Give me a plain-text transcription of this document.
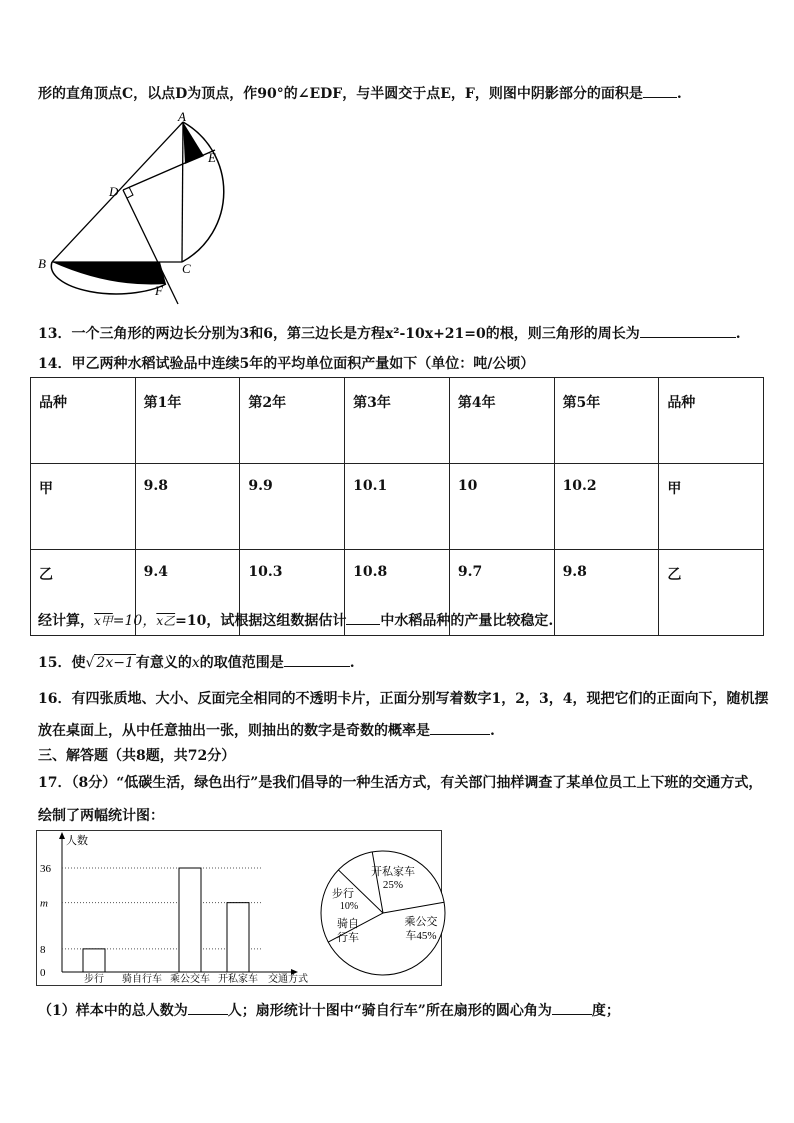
形的直角顶点C，以点D为顶点，作90°的∠EDF，与半圆交于点E，F，则图中阴影部分的面积是 .
A
E
D
B	C
F
13．一个三角形的两边长分别为3和6，第三边长是方程x²-10x+21=0的根，则三角形的周长为	.
14．甲乙两种水稻试验品中连续5年的平均单位面积产量如下（单位：吨/公顷）
品种	第1年	第2年	第3年	第4年	第5年	品种
甲	9.8	9.9	10.1	10	10.2	甲
乙	9.4	10.3	10.8	9.7	9.8	乙
经计算，x甲=10，x乙=10，试根据这组数据估计 中水稻品种的产量比较稳定.
15．使√ 2x−1 有意义的x的取值范围是	.
16．有四张质地、大小、反面完全相同的不透明卡片，正面分别写着数字1，2，3，4，现把它们的正面向下，随机摆
放在桌面上，从中任意抽出一张，则抽出的数字是奇数的概率是	.
三、解答题（共8题，共72分）
17．（8分）“低碳生活，绿色出行”是我们倡导的一种生活方式，有关部门抽样调查了某单位员工上下班的交通方式，
绘制了两幅统计图：
人数
交通方式
0
8
m
36
步行 骑自行车 乘公交车 开私家车
开私家车 25%
乘公交车45%
骑自行车
步行 10%
（1）样本中的总人数为	人；扇形统计十图中“骑自行车”所在扇形的圆心角为	度；
